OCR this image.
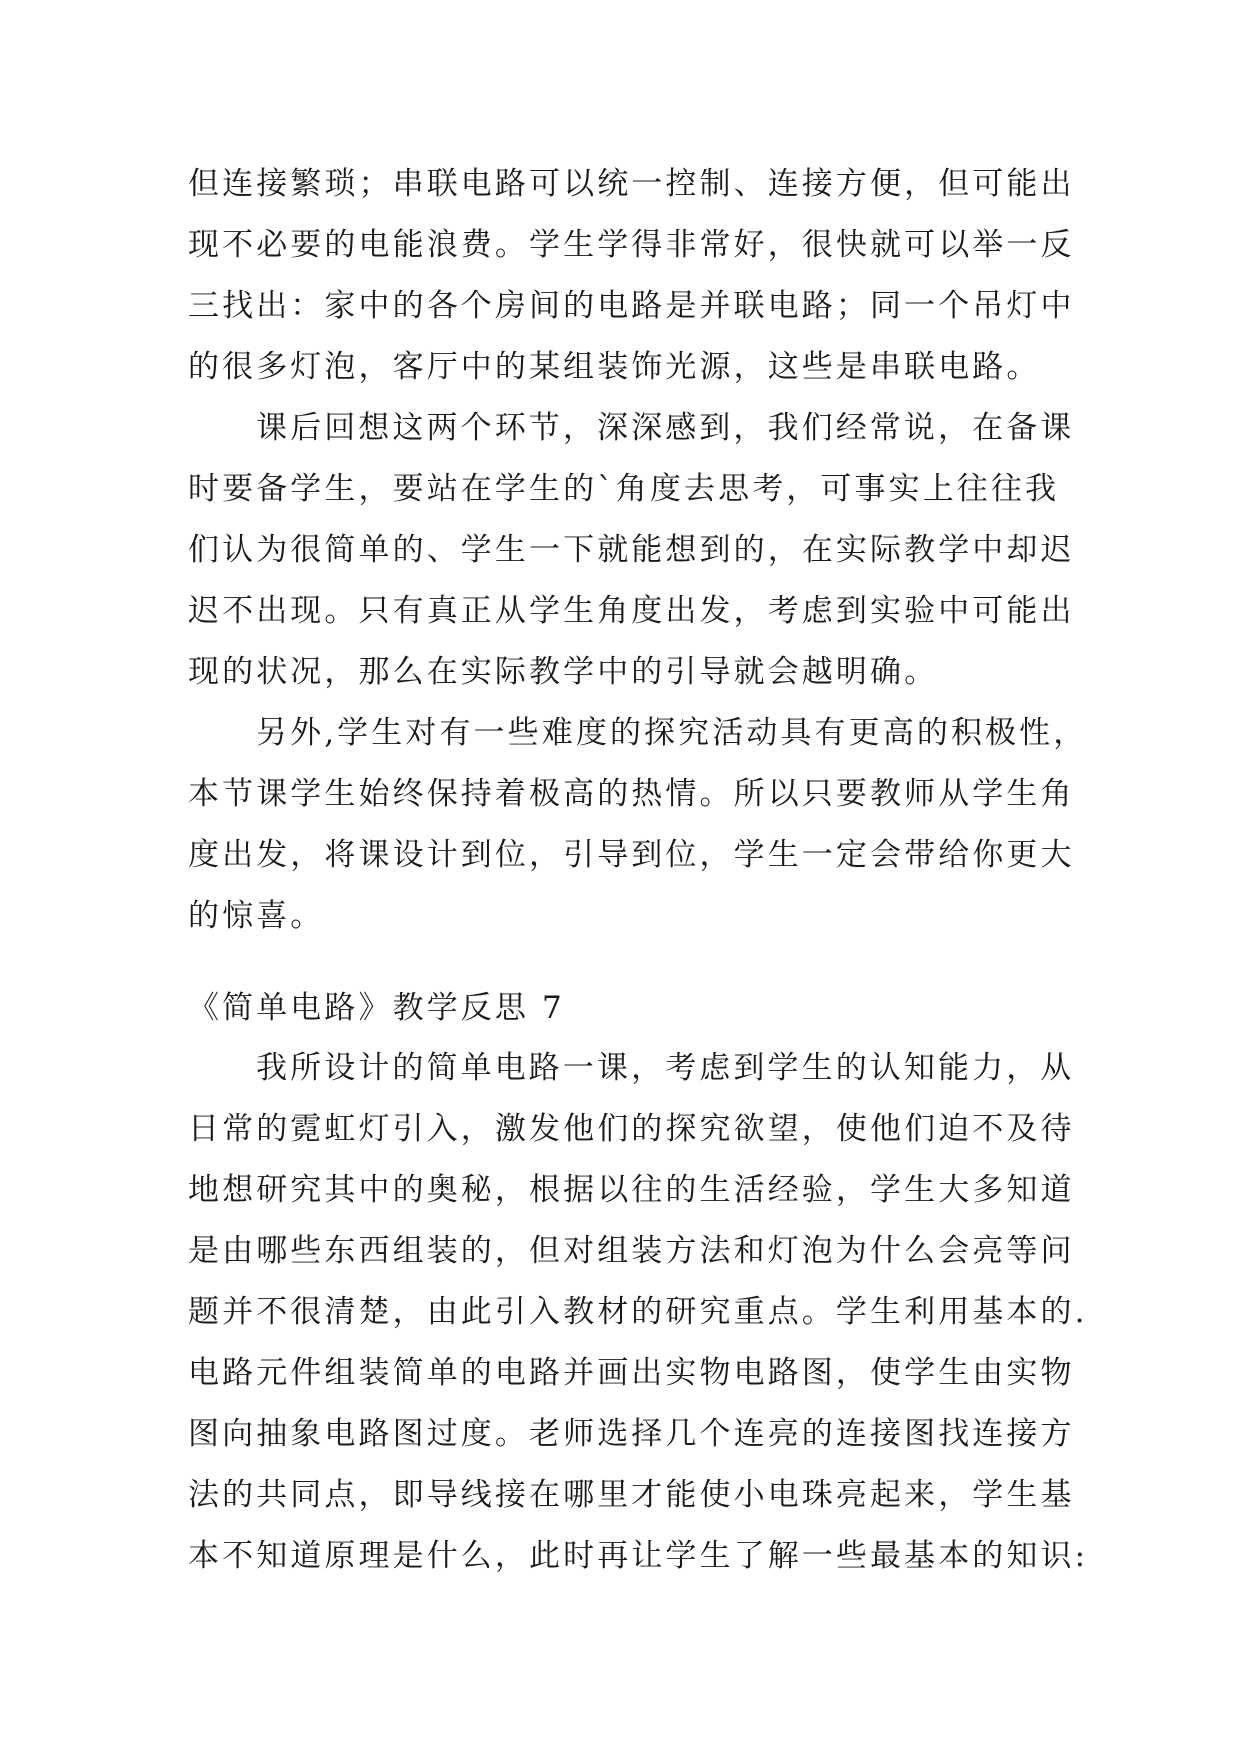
但连接繁琐；串联电路可以统一控制、连接方便，但可能出
现不必要的电能浪费。学生学得非常好，很快就可以举一反
三找出：家中的各个房间的电路是并联电路；同一个吊灯中
的很多灯泡，客厅中的某组装饰光源，这些是串联电路。
课后回想这两个环节，深深感到，我们经常说，在备课
时要备学生，要站在学生的`角度去思考，可事实上往往我
们认为很简单的、学生一下就能想到的，在实际教学中却迟
迟不出现。只有真正从学生角度出发，考虑到实验中可能出
现的状况，那么在实际教学中的引导就会越明确。
另外,学生对有一些难度的探究活动具有更高的积极性，
本节课学生始终保持着极高的热情。所以只要教师从学生角
度出发，将课设计到位，引导到位，学生一定会带给你更大
的惊喜。
《简单电路》教学反思 7
我所设计的简单电路一课，考虑到学生的认知能力，从
日常的霓虹灯引入，激发他们的探究欲望，使他们迫不及待
地想研究其中的奥秘，根据以往的生活经验，学生大多知道
是由哪些东西组装的，但对组装方法和灯泡为什么会亮等问
题并不很清楚，由此引入教材的研究重点。学生利用基本的.
电路元件组装简单的电路并画出实物电路图，使学生由实物
图向抽象电路图过度。老师选择几个连亮的连接图找连接方
法的共同点，即导线接在哪里才能使小电珠亮起来，学生基
本不知道原理是什么，此时再让学生了解一些最基本的知识:
